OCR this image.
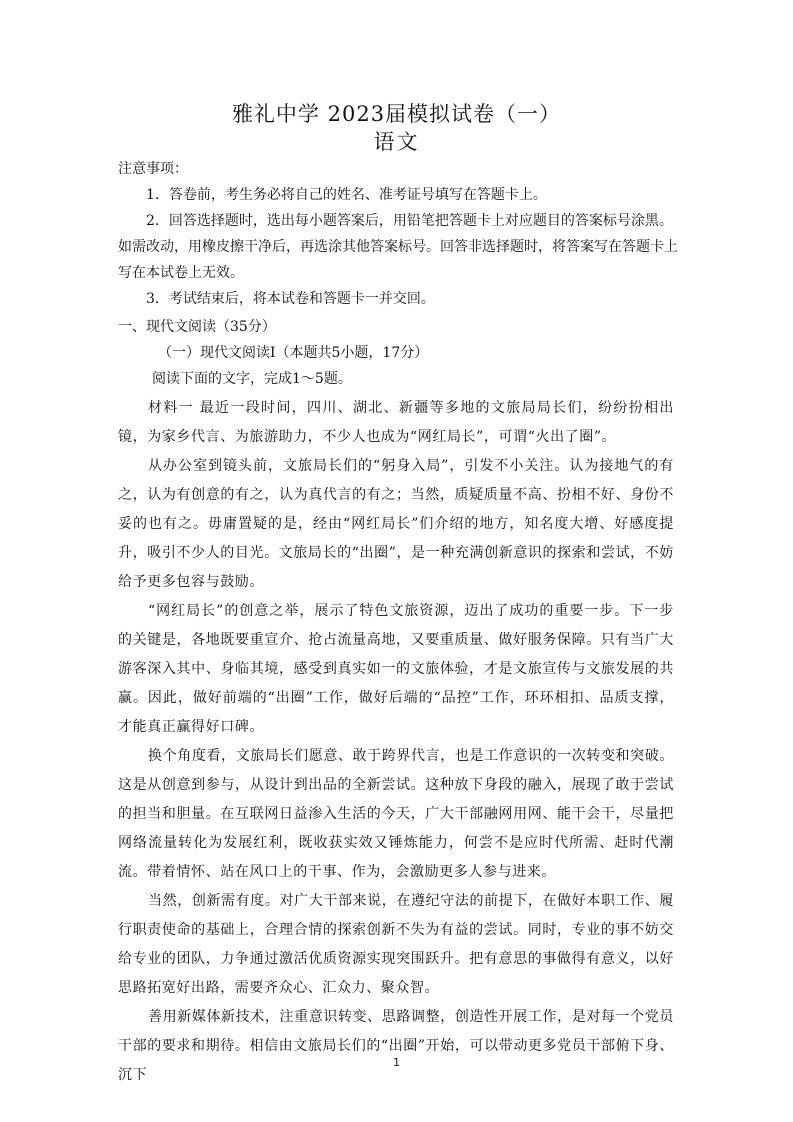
雅礼中学 2023届模拟试卷（一）
语文

注意事项：

1．答卷前，考生务必将自己的姓名、准考证号填写在答题卡上。

2．回答选择题时，选出每小题答案后，用铅笔把答题卡上对应题目的答案标号涂黑。如需改动，用橡皮擦干净后，再选涂其他答案标号。回答非选择题时，将答案写在答题卡上写在本试卷上无效。

3．考试结束后，将本试卷和答题卡一并交回。

一、现代文阅读（35分）

（一）现代文阅读Ⅰ（本题共5小题，17分）

阅读下面的文字，完成1～5题。

材料一 最近一段时间，四川、湖北、新疆等多地的文旅局局长们，纷纷扮相出镜，为家乡代言、为旅游助力，不少人也成为“网红局长”，可谓“火出了圈”。

从办公室到镜头前，文旅局长们的“躬身入局”，引发不小关注。认为接地气的有之，认为有创意的有之，认为真代言的有之；当然，质疑质量不高、扮相不好、身份不妥的也有之。毋庸置疑的是，经由“网红局长”们介绍的地方，知名度大增、好感度提升，吸引不少人的目光。文旅局长的“出圈”，是一种充满创新意识的探索和尝试，不妨给予更多包容与鼓励。

“网红局长”的创意之举，展示了特色文旅资源，迈出了成功的重要一步。下一步的关键是，各地既要重宣介、抢占流量高地，又要重质量、做好服务保障。只有当广大游客深入其中、身临其境，感受到真实如一的文旅体验，才是文旅宣传与文旅发展的共赢。因此，做好前端的“出圈”工作，做好后端的“品控”工作，环环相扣、品质支撑，才能真正赢得好口碑。

换个角度看，文旅局长们愿意、敢于跨界代言，也是工作意识的一次转变和突破。这是从创意到参与，从设计到出品的全新尝试。这种放下身段的融入，展现了敢于尝试的担当和胆量。在互联网日益渗入生活的今天，广大干部融网用网、能干会干，尽量把网络流量转化为发展红利，既收获实效又锤炼能力，何尝不是应时代所需、赶时代潮流。带着情怀、站在风口上的干事、作为，会激励更多人参与进来。

当然，创新需有度。对广大干部来说，在遵纪守法的前提下，在做好本职工作、履行职责使命的基础上，合理合情的探索创新不失为有益的尝试。同时，专业的事不妨交给专业的团队，力争通过激活优质资源实现突围跃升。把有意思的事做得有意义，以好思路拓宽好出路，需要齐众心、汇众力、聚众智。

善用新媒体新技术，注重意识转变、思路调整，创造性开展工作，是对每一个党员干部的要求和期待。相信由文旅局长们的“出圈”开始，可以带动更多党员干部俯下身、沉下

1
